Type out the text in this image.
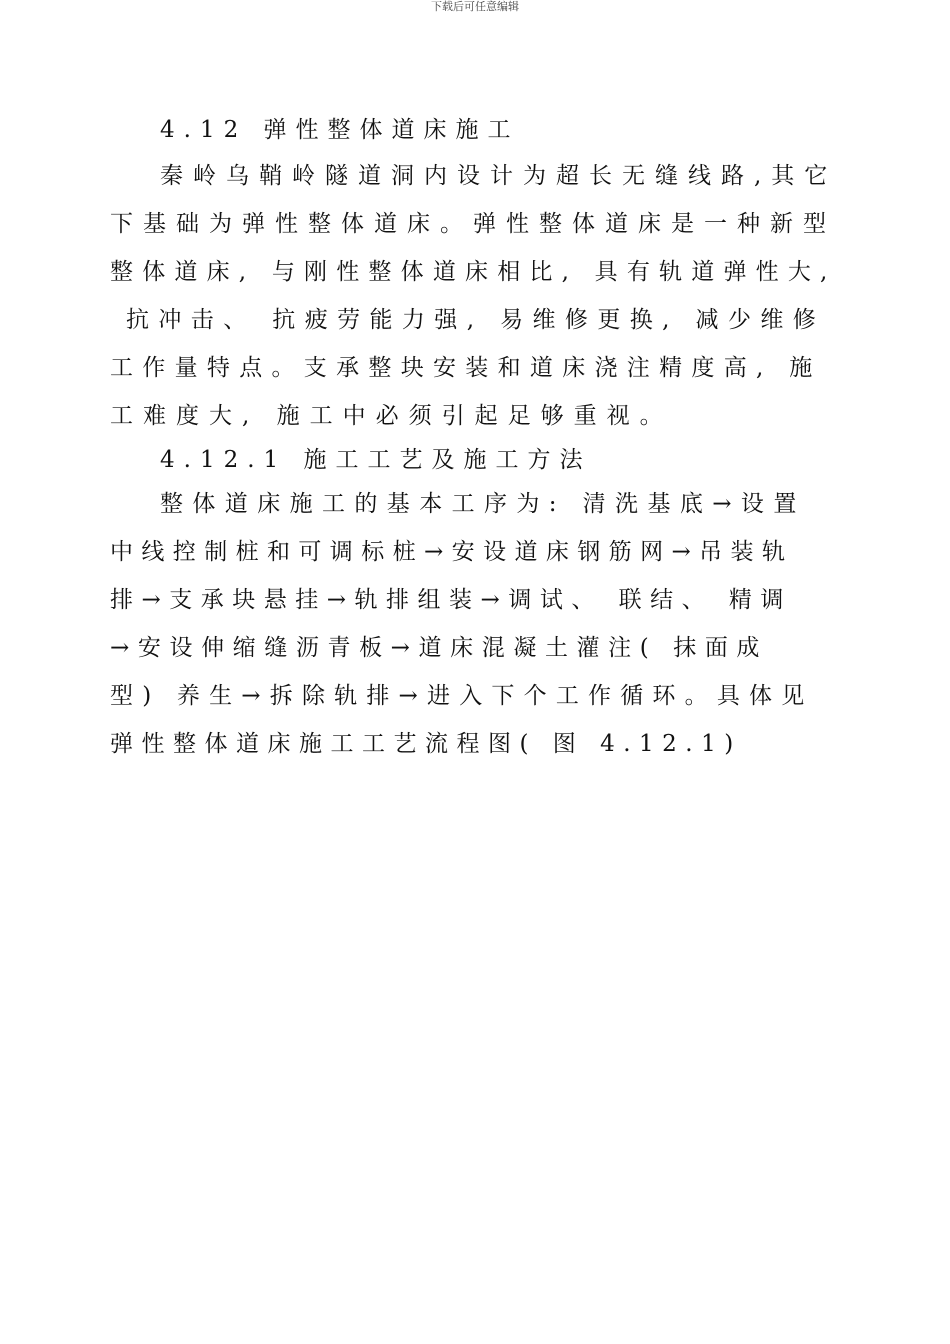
下载后可任意编辑
4.12 弹性整体道床施工
秦岭乌鞘岭隧道洞内设计为超长无缝线路,其它
下基础为弹性整体道床。弹性整体道床是一种新型
整体道床, 与刚性整体道床相比, 具有轨道弹性大,
抗冲击、 抗疲劳能力强, 易维修更换, 减少维修
工作量特点。支承整块安装和道床浇注精度高, 施
工难度大, 施工中必须引起足够重视。
4.12.1 施工工艺及施工方法
整体道床施工的基本工序为: 清洗基底→设置
中线控制桩和可调标桩→安设道床钢筋网→吊装轨
排→支承块悬挂→轨排组装→调试、 联结、 精调
→安设伸缩缝沥青板→道床混凝土灌注( 抹面成
型) 养生→拆除轨排→进入下个工作循环。具体见
弹性整体道床施工工艺流程图( 图 4.12.1)
